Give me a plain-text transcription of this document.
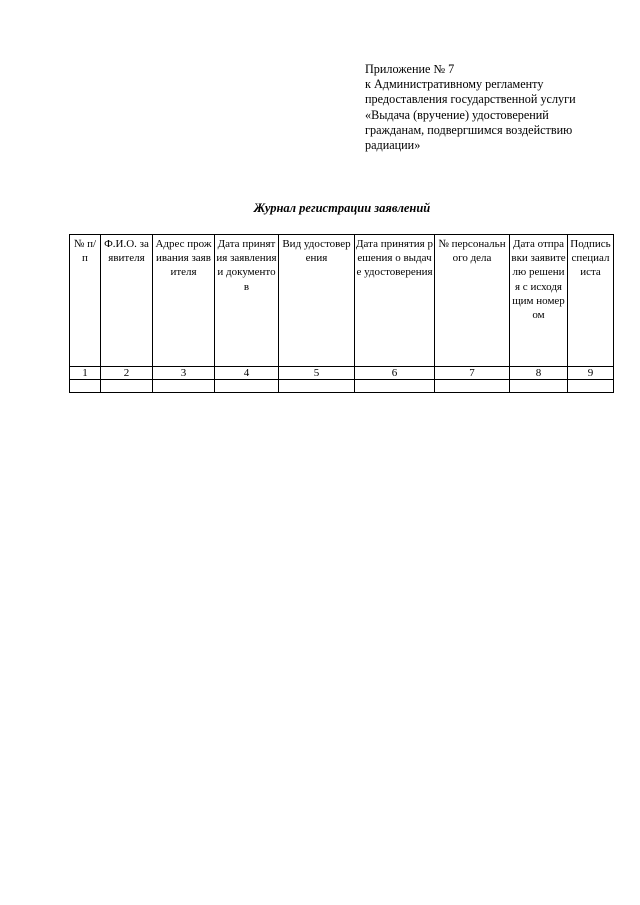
Приложение № 7
к Административному регламенту
предоставления государственной услуги
«Выдача (вручение) удостоверений
гражданам, подвергшимся воздействию
радиации»
Журнал регистрации заявлений
№ п/п	Ф.И.О. заявителя	Адрес проживания заявителя	Дата принятия заявления и документов	Вид удостоверения	Дата принятия решения о выдаче удостоверения	№ персонального дела	Дата отправки заявителю решения с исходящим номером	Подпись специалиста

1	2	3	4	5	6	7	8	9
